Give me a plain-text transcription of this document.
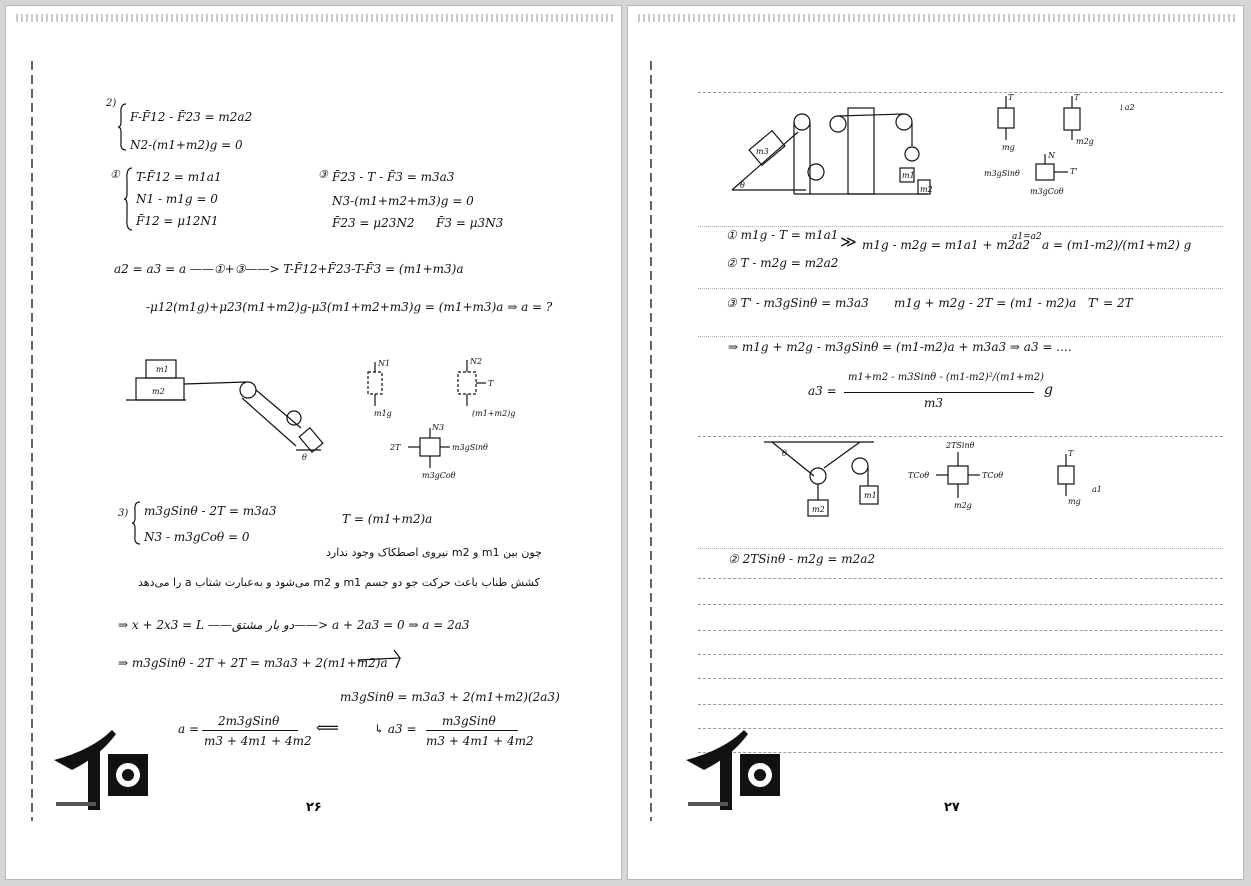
2)
F-F̄12 - F̄23 = m2a2
N2-(m1+m2)g = 0
① T-F̄12 = m1a1
N1 - m1g = 0
F̄12 = μ12N1
③ F̄23 - T - F̄3 = m3a3
N3-(m1+m2+m3)g = 0
F̄23 = μ23N2 F̄3 = μ3N3
a2 = a3 = a ——①+③——> T-F̄12+F̄23-T-F̄3 = (m1+m3)a
-μ12(m1g)+μ23(m1+m2)g-μ3(m1+m2+m3)g = (m1+m3)a ⇒ a = ?
m1
m2
θ
N1
m1g
N2
T
(m1+m2)g
N3
2T	m3gSinθ
m3gCoθ
3) m3gSinθ - 2T = m3a3
N3 - m3gCoθ = 0
T = (m1+m2)a
چون بین m1 و m2 نیروی اصطکاک وجود ندارد
کشش طناب باعث حرکت جو دو جسم m1 و m2 می‌شود و به‌عبارت شتاب a را می‌دهد
⇒ x + 2x3 = L ——دو بار مشتق——> a + 2a3 = 0 ⇒ a = 2a3
⇒ m3gSinθ - 2T + 2T = m3a3 + 2(m1+m2)a
m3gSinθ = m3a3 + 2(m1+m2)(2a3)
a =
2m3gSinθ
m3 + 4m1 + 4m2
⟸	↳ a3 =
m3gSinθ
m3 + 4m1 + 4m2
۲۶
m3
m1
m2
θ
T
mg
T
m2g
↓a2
N
T'
m3gSinθ
m3gCoθ
① m1g - T = m1a1
② T - m2g = m2a2
≫ m1g - m2g = m1a1 + m2a2
a1=a2
a = (m1-m2)/(m1+m2) g
③ T' - m3gSinθ = m3a3 m1g + m2g - 2T = (m1 - m2)a T' = 2T
⇒ m1g + m2g - m3gSinθ = (m1-m2)a + m3a3 ⇒ a3 = ....
a3 =
m1+m2 - m3Sinθ - (m1-m2)²/(m1+m2)
m3
g
θ
m2
m1
2TSinθ
TCoθ	TCoθ
m2g
T
mg
a1
② 2TSinθ - m2g = m2a2
۲۷
